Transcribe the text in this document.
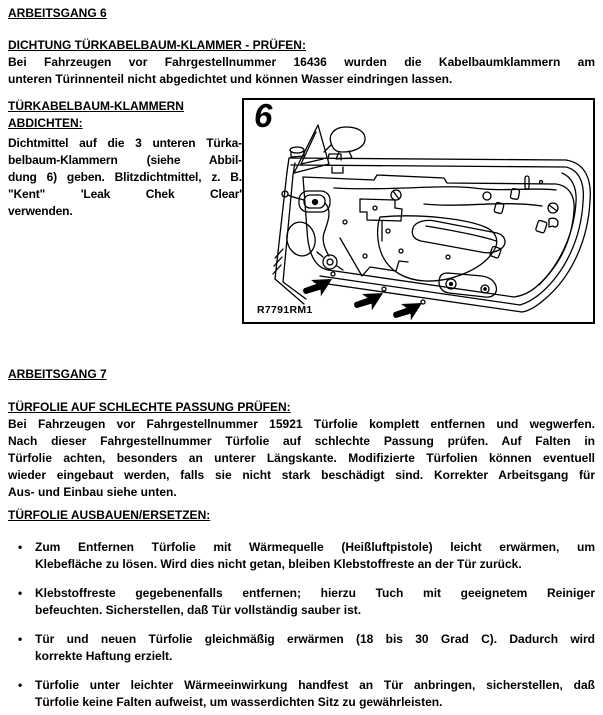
ARBEITSGANG 6
DICHTUNG TÜRKABELBAUM-KLAMMER - PRÜFEN:
Bei Fahrzeugen vor Fahrgestellnummer 16436 wurden die Kabelbaumklammern am
unteren Türinnenteil nicht abgedichtet und können Wasser eindringen lassen.
TÜRKABELBAUM-KLAMMERN
ABDICHTEN:
Dichtmittel auf die 3 unteren Türka-
belbaum-Klammern (siehe Abbil-
dung 6) geben. Blitzdichtmittel, z. B.
"Kent" 'Leak Chek Clear'
verwenden.
6
R7791RM1
ARBEITSGANG 7
TÜRFOLIE AUF SCHLECHTE PASSUNG PRÜFEN:
Bei Fahrzeugen vor Fahrgestellnummer 15921 Türfolie komplett entfernen und wegwerfen.
Nach dieser Fahrgestellnummer Türfolie auf schlechte Passung prüfen. Auf Falten in
Türfolie achten, besonders an unterer Längskante. Modifizierte Türfolien können eventuell
wieder eingebaut werden, falls sie nicht stark beschädigt sind. Korrekter Arbeitsgang für
Aus- und Einbau siehe unten.
TÜRFOLIE AUSBAUEN/ERSETZEN:
•	Zum Entfernen Türfolie mit Wärmequelle (Heißluftpistole) leicht erwärmen, um
Klebefläche zu lösen. Wird dies nicht getan, bleiben Klebstoffreste an der Tür zurück.
•	Klebstoffreste gegebenenfalls entfernen; hierzu Tuch mit geeignetem Reiniger
befeuchten. Sicherstellen, daß Tür vollständig sauber ist.
•	Tür und neuen Türfolie gleichmäßig erwärmen (18 bis 30 Grad C). Dadurch wird
korrekte Haftung erzielt.
•	Türfolie unter leichter Wärmeeinwirkung handfest an Tür anbringen, sicherstellen, daß
Türfolie keine Falten aufweist, um wasserdichten Sitz zu gewährleisten.
